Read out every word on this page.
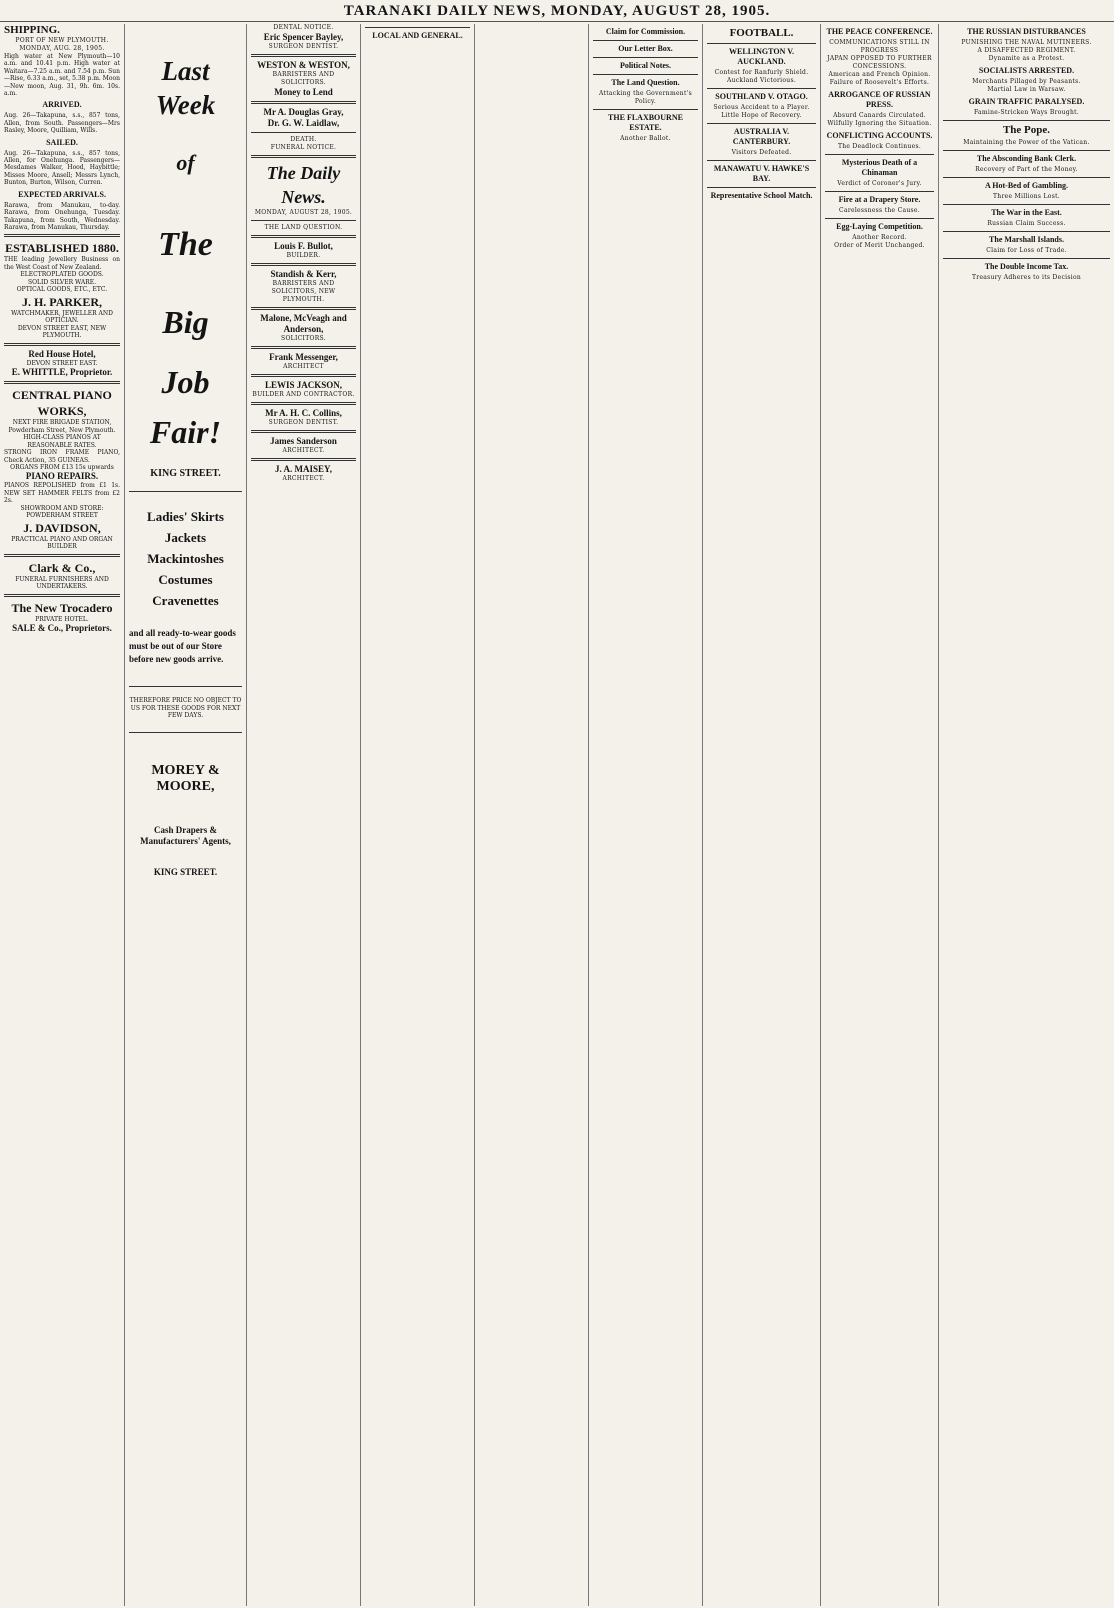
TARANAKI DAILY NEWS, MONDAY, AUGUST 28, 1905.
SHIPPING.
PORT OF NEW PLYMOUTH.
MONDAY, AUG. 28, 1905.
High water at New Plymouth—10 a.m. and 10.41 p.m. High water at Waitara—7.25 a.m. and 7.54 p.m. Sun—Rise, 6.33 a.m., set, 5.38 p.m. Moon—New moon, Aug. 31, 9h. 6m. 10s. a.m.
ARRIVED.
Aug. 26—Takapuna, s.s., 857 tons, Allen, from South. Passengers—Mrs Rasley, Moore, Quilliam, Wills.
SAILED.
Aug. 26—Takapuna, s.s., 857 tons, Allen, for Onehunga. Passengers—Mesdames Walker, Hood, Haybittle; Misses Moore, Ansell; Messrs Lynch, Bunton, Burton, Wilson, Curren.
EXPECTED ARRIVALS.
Rarawa, from Manukau, to-day. Rarawa, from Onehunga, Tuesday. Takapuna, from South, Wednesday. Rarawa, from Manukau, Thursday.
ESTABLISHED 1880.
THE leading Jewellery Business on the West Coast of New Zealand.
ELECTROPLATED GOODS.
SOLID SILVER WARE.
OPTICAL GOODS, ETC., ETC.
J. H. PARKER,
WATCHMAKER, JEWELLER AND OPTICIAN.
DEVON STREET EAST, NEW PLYMOUTH.
Red House Hotel,
DEVON STREET EAST.
E. WHITTLE, Proprietor.
CENTRAL PIANO WORKS,
NEXT FIRE BRIGADE STATION, Powderham Street, New Plymouth.
HIGH-CLASS PIANOS AT REASONABLE RATES.
STRONG IRON FRAME PIANO, Check Action, 35 GUINEAS.
ORGANS FROM £13 15s upwards
PIANO REPAIRS.
PIANOS REPOLISHED from £1 1s. NEW SET HAMMER FELTS from £2 2s.
SHOWROOM AND STORE: POWDERHAM STREET
J. DAVIDSON,
PRACTICAL PIANO AND ORGAN BUILDER
Clark & Co.,
FUNERAL FURNISHERS AND UNDERTAKERS.
The New Trocadero
PRIVATE HOTEL.
SALE & Co., Proprietors.
Last Week
of
The
Big
Job
Fair!
KING STREET.
Ladies' Skirts
Jackets
Mackintoshes
Costumes
Cravenettes
and all ready-to-wear goods must be out of our Store before new goods arrive.
THEREFORE PRICE NO OBJECT TO US FOR THESE GOODS FOR NEXT FEW DAYS.
MOREY & MOORE,
Cash Drapers & Manufacturers' Agents,
KING STREET.
DENTAL NOTICE.
Eric Spencer Bayley,
SURGEON DENTIST.
WESTON & WESTON,
BARRISTERS AND SOLICITORS.
Money to Lend
Mr A. Douglas Gray,
Dr. G. W. Laidlaw,
DEATH.
FUNERAL NOTICE.
The Daily News.
MONDAY, AUGUST 28, 1905.
THE LAND QUESTION.
Louis F. Bullot,
BUILDER.
Standish & Kerr,
BARRISTERS AND SOLICITORS, NEW PLYMOUTH.
Malone, McVeagh and Anderson,
SOLICITORS.
Frank Messenger,
ARCHITECT
LEWIS JACKSON,
BUILDER AND CONTRACTOR.
Mr A. H. C. Collins,
SURGEON DENTIST.
James Sanderson
ARCHITECT.
J. A. MAISEY,
ARCHITECT.
LOCAL AND GENERAL.	Claim for Commission.
Our Letter Box.
Political Notes.
The Land Question.
Attacking the Government's Policy.
THE FLAXBOURNE ESTATE.
Another Ballot.
FOOTBALL.
WELLINGTON V. AUCKLAND.
Contest for Ranfurly Shield.
Auckland Victorious.
SOUTHLAND V. OTAGO.
Serious Accident to a Player.
Little Hope of Recovery.
AUSTRALIA V. CANTERBURY.
Visitors Defeated.
MANAWATU V. HAWKE'S BAY.
Representative School Match.
THE PEACE CONFERENCE.
COMMUNICATIONS STILL IN PROGRESS
JAPAN OPPOSED TO FURTHER CONCESSIONS.
American and French Opinion.
Failure of Roosevelt's Efforts.
ARROGANCE OF RUSSIAN PRESS.
Absurd Canards Circulated.
Wilfully Ignoring the Situation.
CONFLICTING ACCOUNTS.
The Deadlock Continues.
Mysterious Death of a Chinaman
Verdict of Coroner's Jury.
Fire at a Drapery Store.
Carelessness the Cause.
Egg-Laying Competition.
Another Record.
Order of Merit Unchanged.
THE RUSSIAN DISTURBANCES
PUNISHING THE NAVAL MUTINEERS.
A DISAFFECTED REGIMENT.
Dynamite as a Protest.
SOCIALISTS ARRESTED.
Merchants Pillaged by Peasants.
Martial Law in Warsaw.
GRAIN TRAFFIC PARALYSED.
Famine-Stricken Ways Brought.
The Pope.
Maintaining the Power of the Vatican.
The Absconding Bank Clerk.
Recovery of Part of the Money.
A Hot-Bed of Gambling.
Three Millions Lost.
The War in the East.
Russian Claim Success.
The Marshall Islands.
Claim for Loss of Trade.
The Double Income Tax.
Treasury Adheres to its Decision
